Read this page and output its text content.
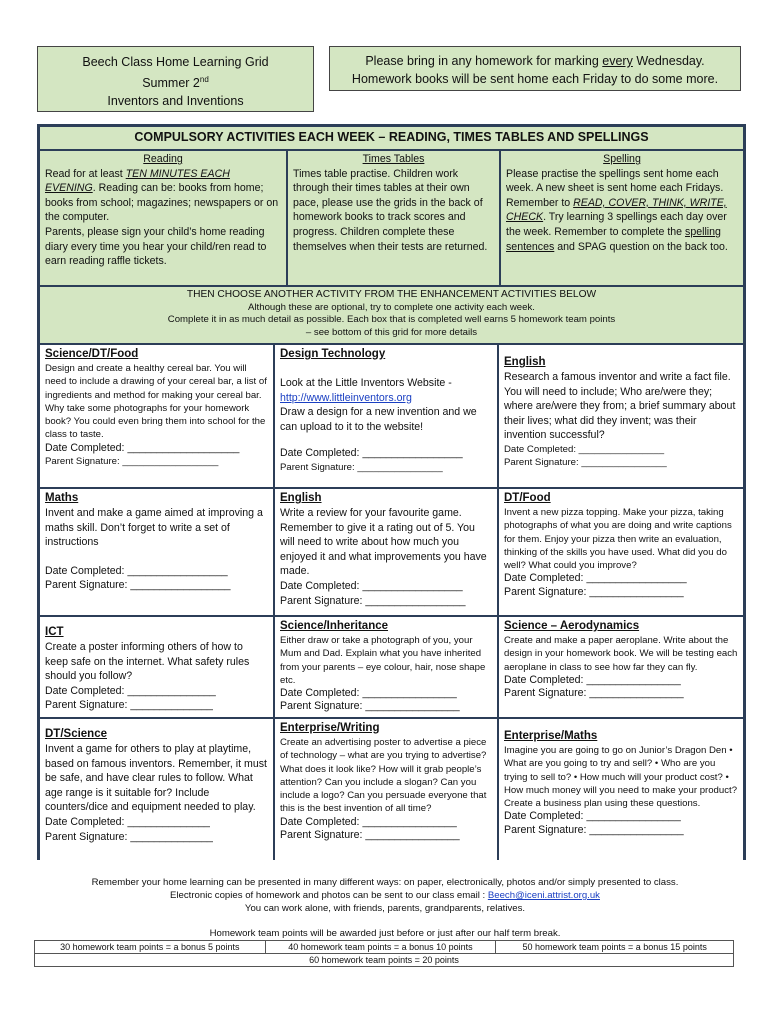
Beech Class Home Learning Grid
Summer 2nd
Inventors and Inventions
Please bring in any homework for marking every Wednesday.
Homework books will be sent home each Friday to do some more.
COMPULSORY ACTIVITIES EACH WEEK – READING, TIMES TABLES AND SPELLINGS
Reading
Read for at least TEN MINUTES EACH EVENING. Reading can be: books from home; books from school; magazines; newspapers or on the computer.
Parents, please sign your child’s home reading diary every time you hear your child/ren read to earn reading raffle tickets.
Times Tables
Times table practise. Children work through their times tables at their own pace, please use the grids in the back of homework books to track scores and progress. Children complete these themselves when their tests are returned.
Spelling
Please practise the spellings sent home each week. A new sheet is sent home each Fridays. Remember to READ, COVER, THINK, WRITE, CHECK. Try learning 3 spellings each day over the week. Remember to complete the spelling sentences and SPAG question on the back too.
THEN CHOOSE ANOTHER ACTIVITY FROM THE ENHANCEMENT ACTIVITIES BELOW
Although these are optional, try to complete one activity each week.
Complete it in as much detail as possible. Each box that is completed well earns 5 homework team points
– see bottom of this grid for more details
Science/DT/Food
Design and create a healthy cereal bar. You will need to include a drawing of your cereal bar, a list of ingredients and method for making your cereal bar. Why take some photographs for your homework book? You could even bring them into school for the class to taste.
Date Completed: ___________________
Parent Signature: __________________
Design Technology
Look at the Little Inventors Website -
http://www.littleinventors.org
Draw a design for a new invention and we can upload to it to the website!
Date Completed: _________________
Parent Signature: ________________
English
Research a famous inventor and write a fact file. You will need to include; Who are/were they; where are/were they from; a brief summary about their lives; what did they invent; was their invention successful?
Date Completed: ________________
Parent Signature: ________________
Maths
Invent and make a game aimed at improving a maths skill. Don’t forget to write a set of instructions
Date Completed: _________________
Parent Signature: _________________
English
Write a review for your favourite game. Remember to give it a rating out of 5. You will need to write about how much you enjoyed it and what improvements you have made.
Date Completed: _________________
Parent Signature: _________________
DT/Food
Invent a new pizza topping. Make your pizza, taking photographs of what you are doing and write captions for them. Enjoy your pizza then write an evaluation, thinking of the skills you have used. What did you do well? What could you improve?
Date Completed: _________________
Parent Signature: ________________
ICT
Create a poster informing others of how to keep safe on the internet. What safety rules should you follow?
Date Completed: _______________
Parent Signature: ______________
Science/Inheritance
Either draw or take a photograph of you, your Mum and Dad. Explain what you have inherited from your parents – eye colour, hair, nose shape etc.
Date Completed: ________________
Parent Signature: ________________
Science – Aerodynamics
Create and make a paper aeroplane. Write about the design in your homework book. We will be testing each aeroplane in class to see how far they can fly.
Date Completed: ________________
Parent Signature: ________________
DT/Science
Invent a game for others to play at playtime, based on famous inventors. Remember, it must be safe, and have clear rules to follow. What age range is it suitable for? Include counters/dice and equipment needed to play.
Date Completed: ______________
Parent Signature: ______________
Enterprise/Writing
Create an advertising poster to advertise a piece of technology – what are you trying to advertise? What does it look like? How will it grab people’s attention? Can you include a slogan? Can you include a logo? Can you persuade everyone that this is the best invention of all time?
Date Completed: ________________
Parent Signature: ________________
Enterprise/Maths
Imagine you are going to go on Junior’s Dragon Den • What are you going to try and sell? • Who are you trying to sell to? • How much will your product cost? • How much money will you need to make your product? Create a business plan using these questions.
Date Completed: ________________
Parent Signature: ________________
Remember your home learning can be presented in many different ways: on paper, electronically, photos and/or simply presented to class.
Electronic copies of homework and photos can be sent to our class email : Beech@iceni.attrist.org.uk
You can work alone, with friends, parents, grandparents, relatives.
Homework team points will be awarded just before or just after our half term break.
30 homework team points = a bonus 5 points	40 homework team points = a bonus 10 points	50 homework team points = a bonus 15 points
60 homework team points = 20 points
